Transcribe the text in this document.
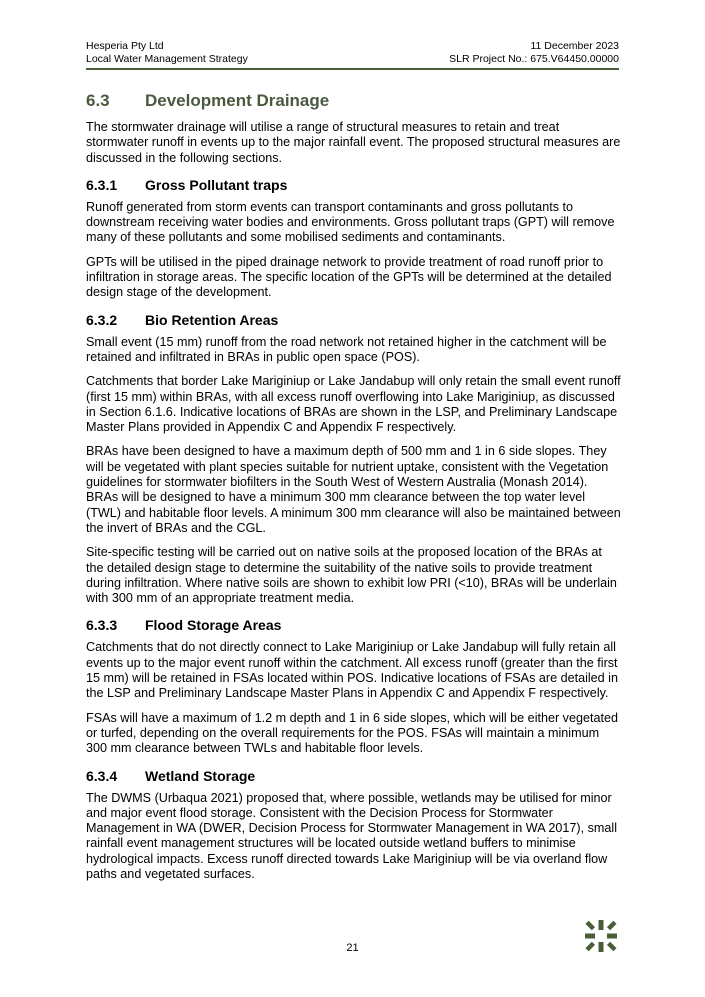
Hesperia Pty Ltd	11 December 2023
Local Water Management Strategy	SLR Project No.: 675.V64450.00000
6.3	Development Drainage

The stormwater drainage will utilise a range of structural measures to retain and treat stormwater runoff in events up to the major rainfall event. The proposed structural measures are discussed in the following sections.

6.3.1	Gross Pollutant traps

Runoff generated from storm events can transport contaminants and gross pollutants to downstream receiving water bodies and environments. Gross pollutant traps (GPT) will remove many of these pollutants and some mobilised sediments and contaminants.

GPTs will be utilised in the piped drainage network to provide treatment of road runoff prior to infiltration in storage areas. The specific location of the GPTs will be determined at the detailed design stage of the development.

6.3.2	Bio Retention Areas

Small event (15 mm) runoff from the road network not retained higher in the catchment will be retained and infiltrated in BRAs in public open space (POS).

Catchments that border Lake Mariginiup or Lake Jandabup will only retain the small event runoff (first 15 mm) within BRAs, with all excess runoff overflowing into Lake Mariginiup, as discussed in Section 6.1.6. Indicative locations of BRAs are shown in the LSP, and Preliminary Landscape Master Plans provided in Appendix C and Appendix F respectively.

BRAs have been designed to have a maximum depth of 500 mm and 1 in 6 side slopes. They will be vegetated with plant species suitable for nutrient uptake, consistent with the Vegetation guidelines for stormwater biofilters in the South West of Western Australia (Monash 2014). BRAs will be designed to have a minimum 300 mm clearance between the top water level (TWL) and habitable floor levels. A minimum 300 mm clearance will also be maintained between the invert of BRAs and the CGL.

Site-specific testing will be carried out on native soils at the proposed location of the BRAs at the detailed design stage to determine the suitability of the native soils to provide treatment during infiltration. Where native soils are shown to exhibit low PRI (<10), BRAs will be underlain with 300 mm of an appropriate treatment media.

6.3.3	Flood Storage Areas

Catchments that do not directly connect to Lake Mariginiup or Lake Jandabup will fully retain all events up to the major event runoff within the catchment. All excess runoff (greater than the first 15 mm) will be retained in FSAs located within POS. Indicative locations of FSAs are detailed in the LSP and Preliminary Landscape Master Plans in Appendix C and Appendix F respectively.

FSAs will have a maximum of 1.2 m depth and 1 in 6 side slopes, which will be either vegetated or turfed, depending on the overall requirements for the POS. FSAs will maintain a minimum 300 mm clearance between TWLs and habitable floor levels.

6.3.4	Wetland Storage

The DWMS (Urbaqua 2021) proposed that, where possible, wetlands may be utilised for minor and major event flood storage. Consistent with the Decision Process for Stormwater Management in WA (DWER, Decision Process for Stormwater Management in WA 2017), small rainfall event management structures will be located outside wetland buffers to minimise hydrological impacts. Excess runoff directed towards Lake Mariginiup will be via overland flow paths and vegetated surfaces.

21
